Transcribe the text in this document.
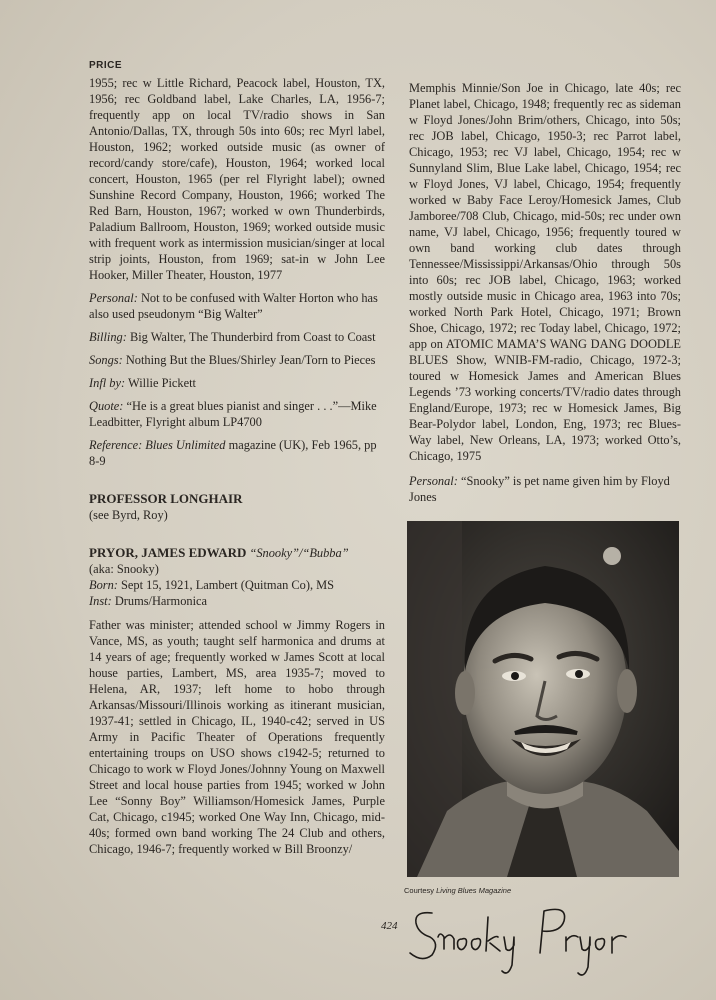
PRICE

1955; rec w Little Richard, Peacock label, Houston, TX, 1956; rec Goldband label, Lake Charles, LA, 1956-7; frequently app on local TV/radio shows in San Antonio/Dallas, TX, through 50s into 60s; rec Myrl label, Houston, 1962; worked outside music (as owner of record/candy store/cafe), Houston, 1964; worked local concert, Houston, 1965 (per rel Flyright label); owned Sunshine Record Company, Houston, 1966; worked The Red Barn, Houston, 1967; worked w own Thunderbirds, Paladium Ballroom, Houston, 1969; worked outside music with frequent work as intermission musician/singer at local strip joints, Houston, from 1969; sat-in w John Lee Hooker, Miller Theater, Houston, 1977

Personal: Not to be confused with Walter Horton who has also used pseudonym “Big Walter”

Billing: Big Walter, The Thunderbird from Coast to Coast

Songs: Nothing But the Blues/Shirley Jean/Torn to Pieces

Infl by: Willie Pickett

Quote: “He is a great blues pianist and singer . . .”—Mike Leadbitter, Flyright album LP4700

Reference: Blues Unlimited magazine (UK), Feb 1965, pp 8-9

PROFESSOR LONGHAIR

(see Byrd, Roy)

PRYOR, JAMES EDWARD “Snooky”/“Bubba”

(aka: Snooky)

Born: Sept 15, 1921, Lambert (Quitman Co), MS

Inst: Drums/Harmonica

Father was minister; attended school w Jimmy Rogers in Vance, MS, as youth; taught self harmonica and drums at 14 years of age; frequently worked w James Scott at local house parties, Lambert, MS, area 1935-7; moved to Helena, AR, 1937; left home to hobo through Arkansas/Missouri/Illinois working as itinerant musician, 1937-41; settled in Chicago, IL, 1940-c42; served in US Army in Pacific Theater of Operations frequently entertaining troups on USO shows c1942-5; returned to Chicago to work w Floyd Jones/Johnny Young on Maxwell Street and local house parties from 1945; worked w John Lee “Sonny Boy” Williamson/Homesick James, Purple Cat, Chicago, c1945; worked One Way Inn, Chicago, mid-40s; formed own band working The 24 Club and others, Chicago, 1946-7; frequently worked w Bill Broonzy/

Memphis Minnie/Son Joe in Chicago, late 40s; rec Planet label, Chicago, 1948; frequently rec as sideman w Floyd Jones/John Brim/others, Chicago, into 50s; rec JOB label, Chicago, 1950-3; rec Parrot label, Chicago, 1953; rec VJ label, Chicago, 1954; rec w Sunnyland Slim, Blue Lake label, Chicago, 1954; rec w Floyd Jones, VJ label, Chicago, 1954; frequently worked w Baby Face Leroy/Homesick James, Club Jamboree/708 Club, Chicago, mid-50s; rec under own name, VJ label, Chicago, 1956; frequently toured w own band working club dates through Tennessee/Mississippi/Arkansas/Ohio through 50s into 60s; rec JOB label, Chicago, 1963; worked mostly outside music in Chicago area, 1963 into 70s; worked North Park Hotel, Chicago, 1971; Brown Shoe, Chicago, 1972; rec Today label, Chicago, 1972; app on ATOMIC MAMA’S WANG DANG DOODLE BLUES Show, WNIB-FM-radio, Chicago, 1972-3; toured w Homesick James and American Blues Legends ’73 working concerts/TV/radio dates through England/Europe, 1973; rec w Homesick James, Big Bear-Polydor label, London, Eng, 1973; rec Blues-Way label, New Orleans, LA, 1973; worked Otto’s, Chicago, 1975

Personal: “Snooky” is pet name given him by Floyd Jones

Courtesy Living Blues Magazine

424
